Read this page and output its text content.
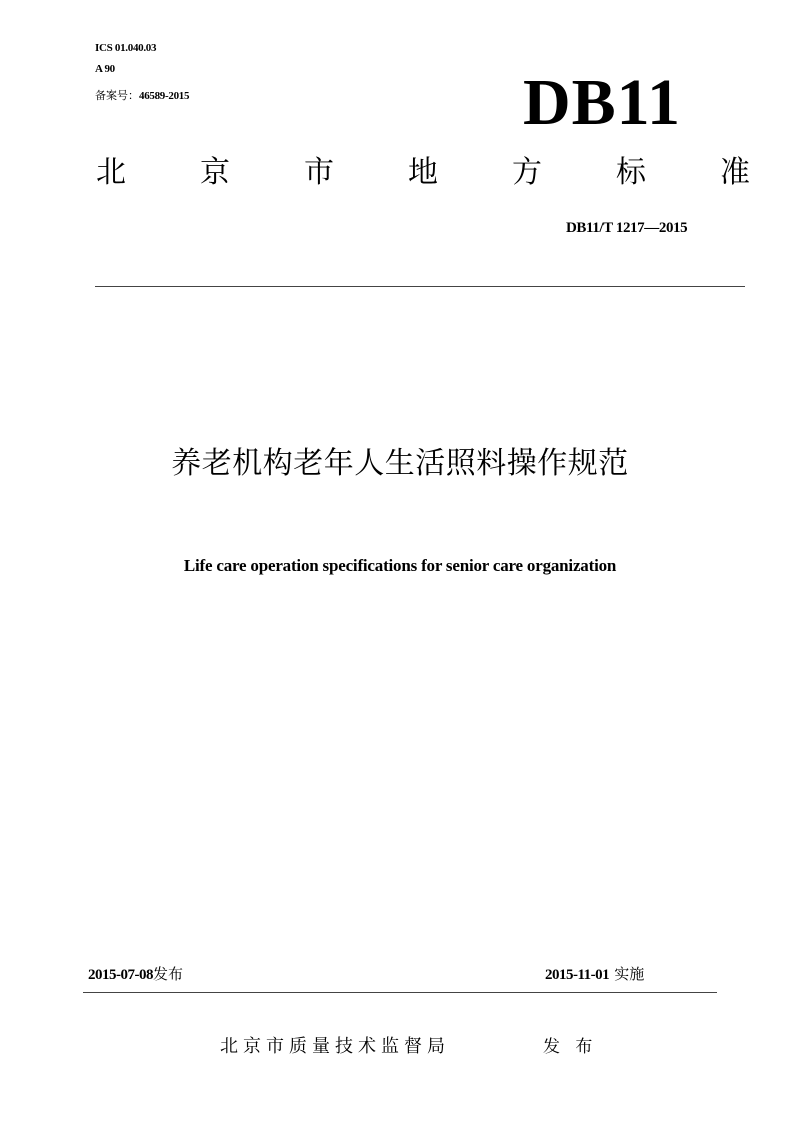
ICS 01.040.03
A 90
备案号：46589-2015	DB11
北 京 市 地 方 标 准
DB11/T 1217—2015
养老机构老年人生活照料操作规范
Life care operation specifications for senior care organization
2015-07-08发布	2015-11-01 实施
北京市质量技术监督局	发 布
